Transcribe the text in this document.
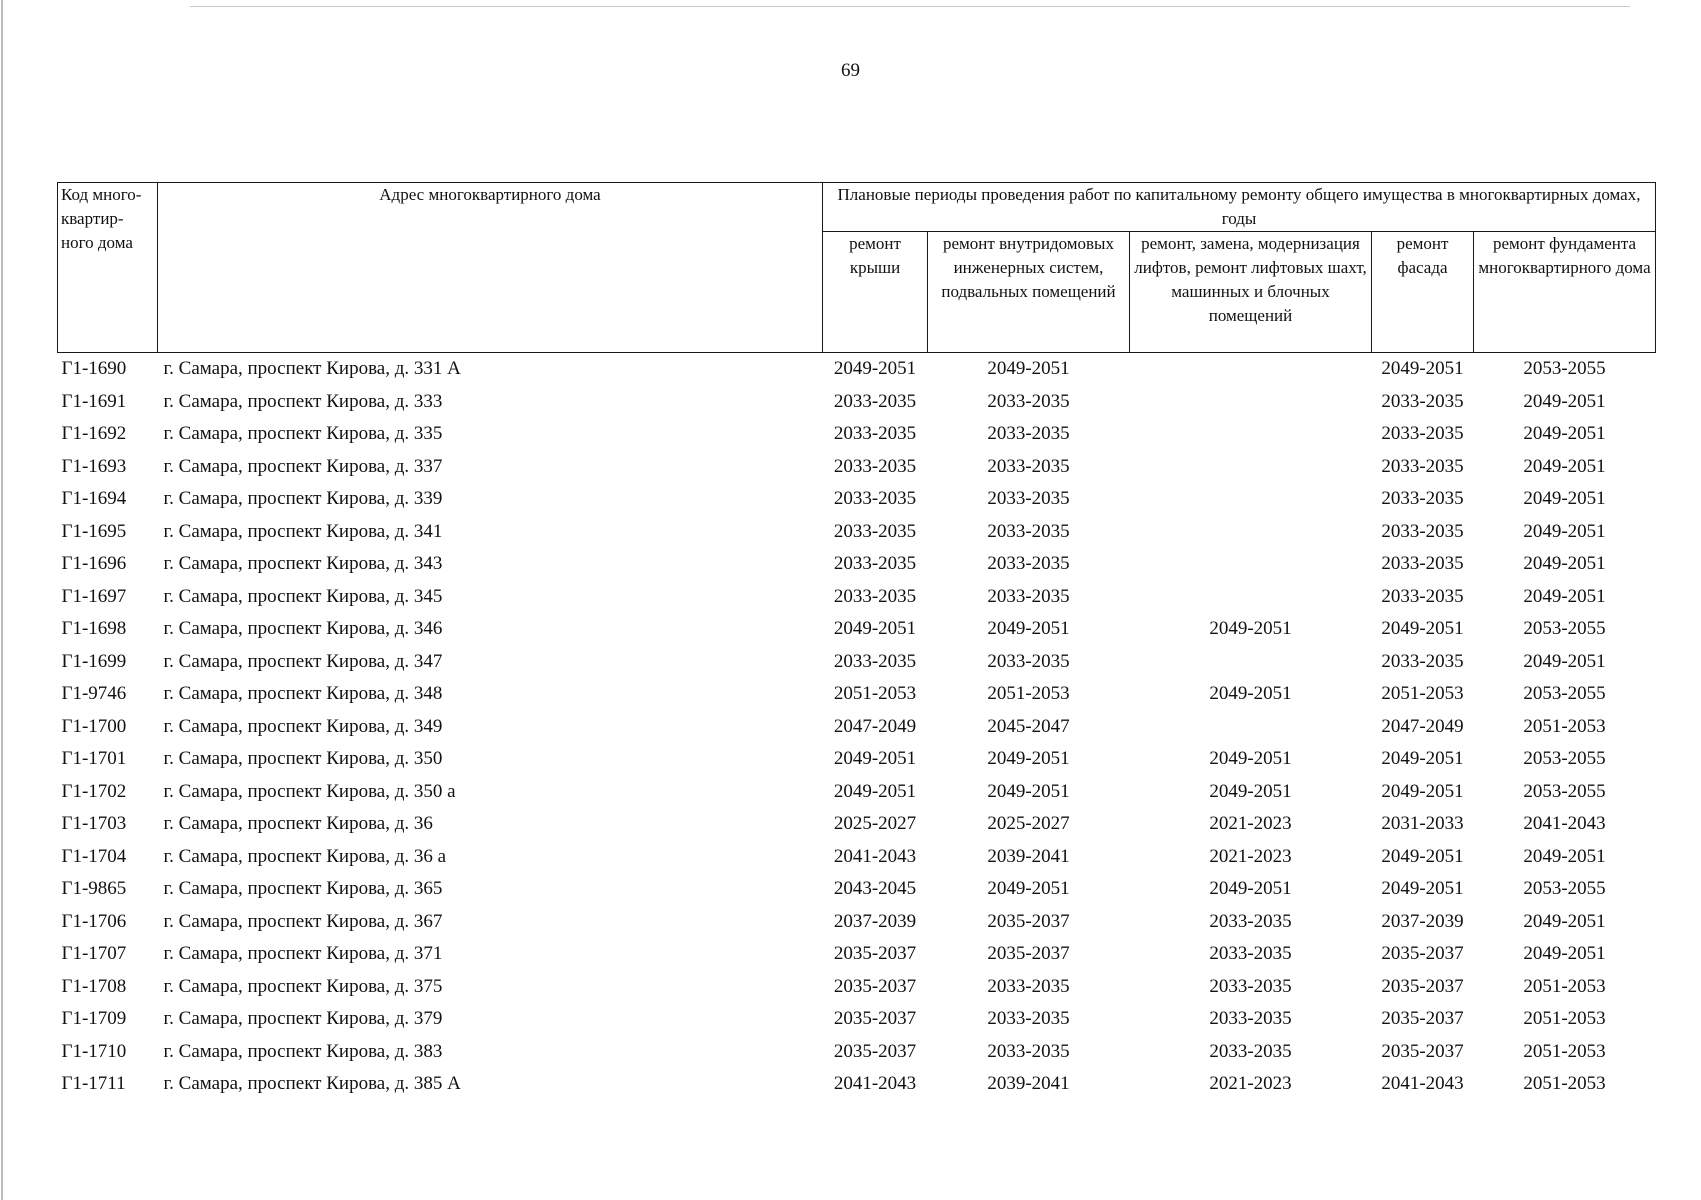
69
Код много-квартир-ного дома	Адрес многоквартирного дома	Плановые периоды проведения работ по капитальному ремонту общего имущества в многоквартирных домах, годы				
		ремонт крыши	ремонт внутридомовых инженерных систем, подвальных помещений	ремонт, замена, модернизация лифтов, ремонт лифтовых шахт, машинных и блочных помещений	ремонт фасада	ремонт фундамента многоквартирного дома
Г1-1690	г. Самара, проспект Кирова, д. 331 А	2049-2051	2049-2051		2049-2051	2053-2055
Г1-1691	г. Самара, проспект Кирова, д. 333	2033-2035	2033-2035		2033-2035	2049-2051
Г1-1692	г. Самара, проспект Кирова, д. 335	2033-2035	2033-2035		2033-2035	2049-2051
Г1-1693	г. Самара, проспект Кирова, д. 337	2033-2035	2033-2035		2033-2035	2049-2051
Г1-1694	г. Самара, проспект Кирова, д. 339	2033-2035	2033-2035		2033-2035	2049-2051
Г1-1695	г. Самара, проспект Кирова, д. 341	2033-2035	2033-2035		2033-2035	2049-2051
Г1-1696	г. Самара, проспект Кирова, д. 343	2033-2035	2033-2035		2033-2035	2049-2051
Г1-1697	г. Самара, проспект Кирова, д. 345	2033-2035	2033-2035		2033-2035	2049-2051
Г1-1698	г. Самара, проспект Кирова, д. 346	2049-2051	2049-2051	2049-2051	2049-2051	2053-2055
Г1-1699	г. Самара, проспект Кирова, д. 347	2033-2035	2033-2035		2033-2035	2049-2051
Г1-9746	г. Самара, проспект Кирова, д. 348	2051-2053	2051-2053	2049-2051	2051-2053	2053-2055
Г1-1700	г. Самара, проспект Кирова, д. 349	2047-2049	2045-2047		2047-2049	2051-2053
Г1-1701	г. Самара, проспект Кирова, д. 350	2049-2051	2049-2051	2049-2051	2049-2051	2053-2055
Г1-1702	г. Самара, проспект Кирова, д. 350 а	2049-2051	2049-2051	2049-2051	2049-2051	2053-2055
Г1-1703	г. Самара, проспект Кирова, д. 36	2025-2027	2025-2027	2021-2023	2031-2033	2041-2043
Г1-1704	г. Самара, проспект Кирова, д. 36 а	2041-2043	2039-2041	2021-2023	2049-2051	2049-2051
Г1-9865	г. Самара, проспект Кирова, д. 365	2043-2045	2049-2051	2049-2051	2049-2051	2053-2055
Г1-1706	г. Самара, проспект Кирова, д. 367	2037-2039	2035-2037	2033-2035	2037-2039	2049-2051
Г1-1707	г. Самара, проспект Кирова, д. 371	2035-2037	2035-2037	2033-2035	2035-2037	2049-2051
Г1-1708	г. Самара, проспект Кирова, д. 375	2035-2037	2033-2035	2033-2035	2035-2037	2051-2053
Г1-1709	г. Самара, проспект Кирова, д. 379	2035-2037	2033-2035	2033-2035	2035-2037	2051-2053
Г1-1710	г. Самара, проспект Кирова, д. 383	2035-2037	2033-2035	2033-2035	2035-2037	2051-2053
Г1-1711	г. Самара, проспект Кирова, д. 385 А	2041-2043	2039-2041	2021-2023	2041-2043	2051-2053
